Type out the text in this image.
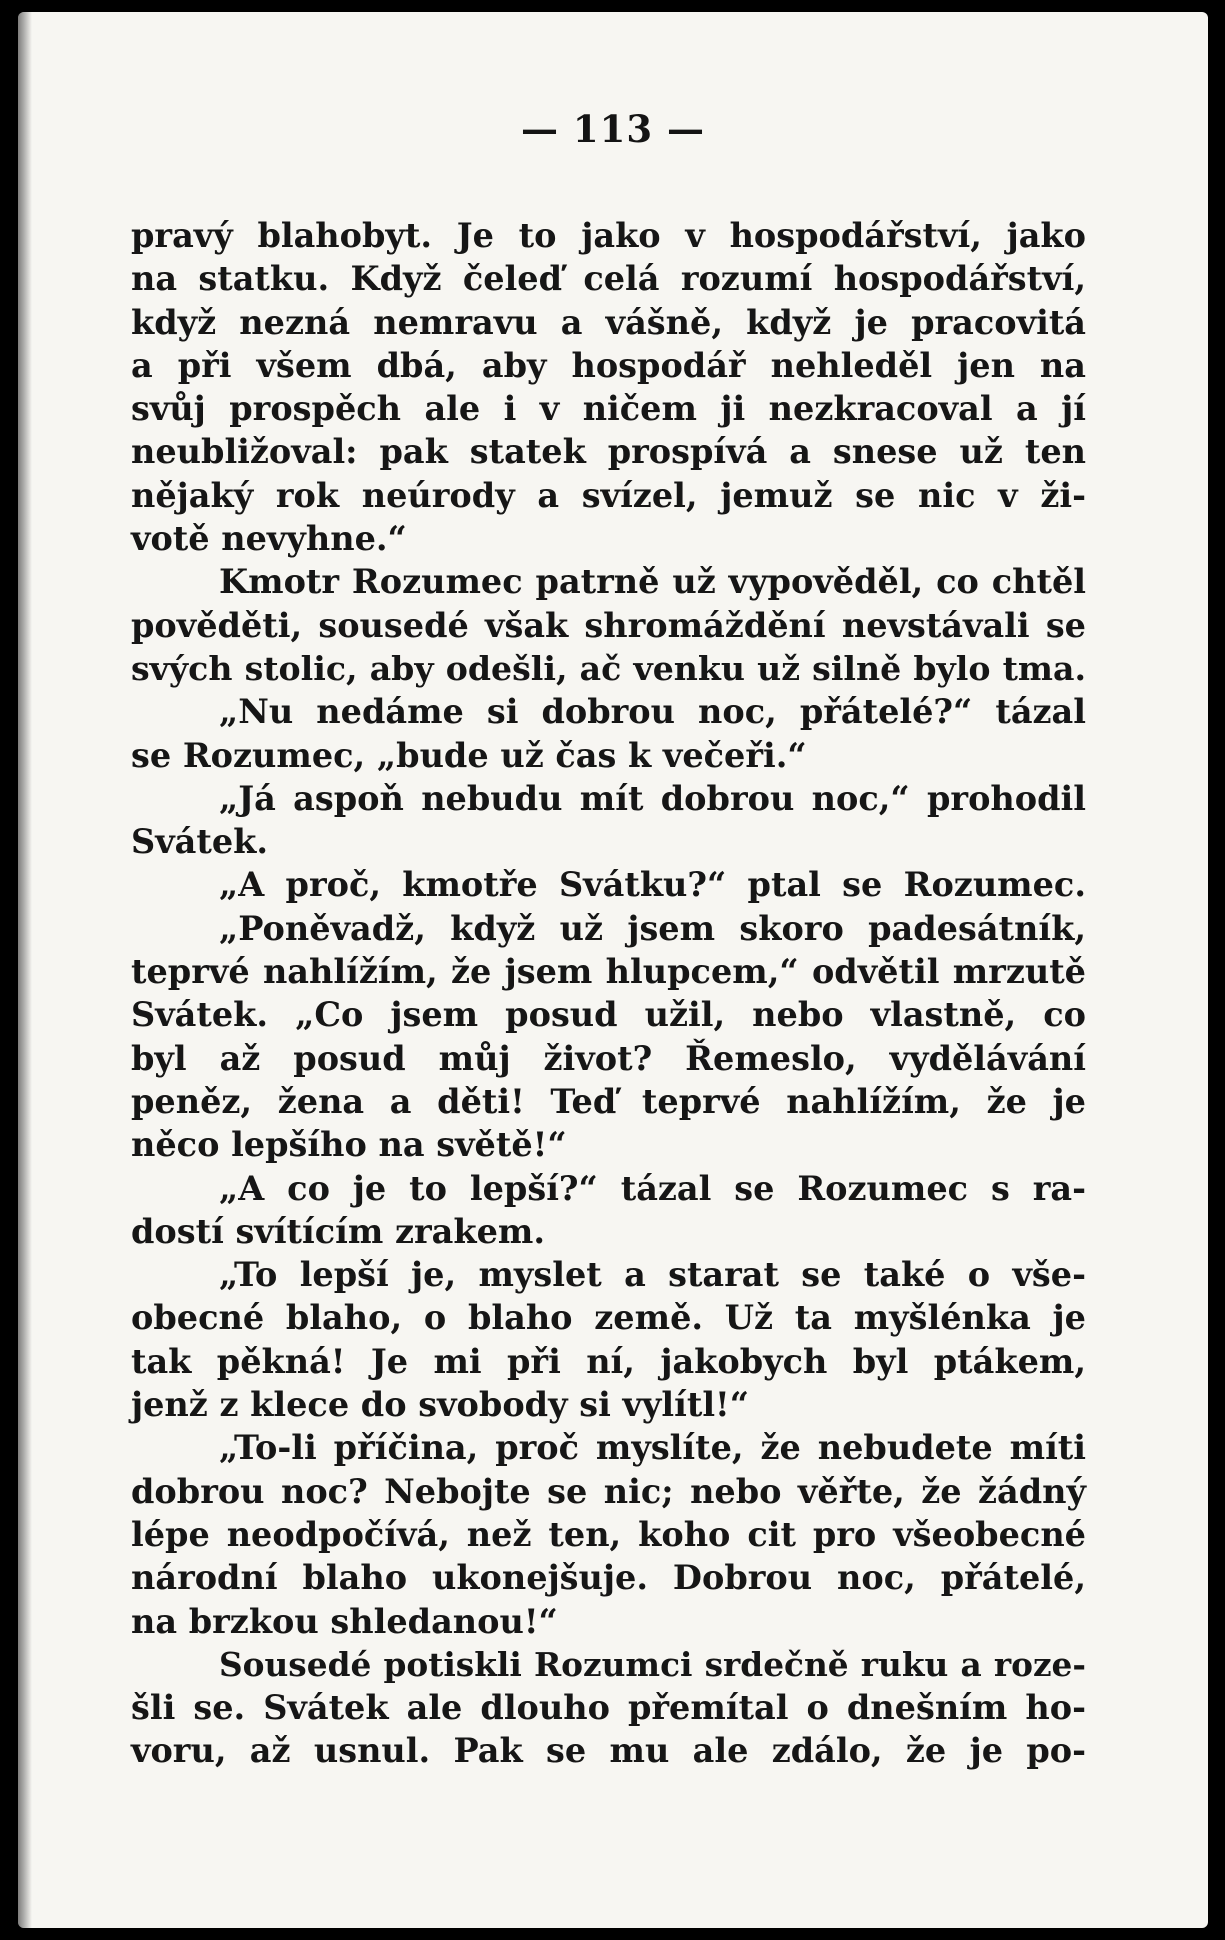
— 113 —
pravý blahobyt. Je to jako v hospodářství, jako
na statku. Když čeleď celá rozumí hospodářství,
když nezná nemravu a vášně, když je pracovitá
a při všem dbá, aby hospodář nehleděl jen na
svůj prospěch ale i v ničem ji nezkracoval a jí
neubližoval: pak statek prospívá a snese už ten
nějaký rok neúrody a svízel, jemuž se nic v ži-
votě nevyhne.“
Kmotr Rozumec patrně už vypověděl, co chtěl
pověděti, sousedé však shromáždění nevstávali se
svých stolic, aby odešli, ač venku už silně bylo tma.
„Nu nedáme si dobrou noc, přátelé?“ tázal
se Rozumec, „bude už čas k večeři.“
„Já aspoň nebudu mít dobrou noc,“ prohodil
Svátek.
„A proč, kmotře Svátku?“ ptal se Rozumec.
„Poněvadž, když už jsem skoro padesátník,
teprvé nahlížím, že jsem hlupcem,“ odvětil mrzutě
Svátek. „Co jsem posud užil, nebo vlastně, co
byl až posud můj život? Řemeslo, vydělávání
peněz, žena a děti! Teď teprvé nahlížím, že je
něco lepšího na světě!“
„A co je to lepší?“ tázal se Rozumec s ra-
dostí svítícím zrakem.
„To lepší je, myslet a starat se také o vše-
obecné blaho, o blaho země. Už ta myšlénka je
tak pěkná! Je mi při ní, jakobych byl ptákem,
jenž z klece do svobody si vylítl!“
„To-li příčina, proč myslíte, že nebudete míti
dobrou noc? Nebojte se nic; nebo věřte, že žádný
lépe neodpočívá, než ten, koho cit pro všeobecné
národní blaho ukonejšuje. Dobrou noc, přátelé,
na brzkou shledanou!“
Sousedé potiskli Rozumci srdečně ruku a roze-
šli se. Svátek ale dlouho přemítal o dnešním ho-
voru, až usnul. Pak se mu ale zdálo, že je po-
